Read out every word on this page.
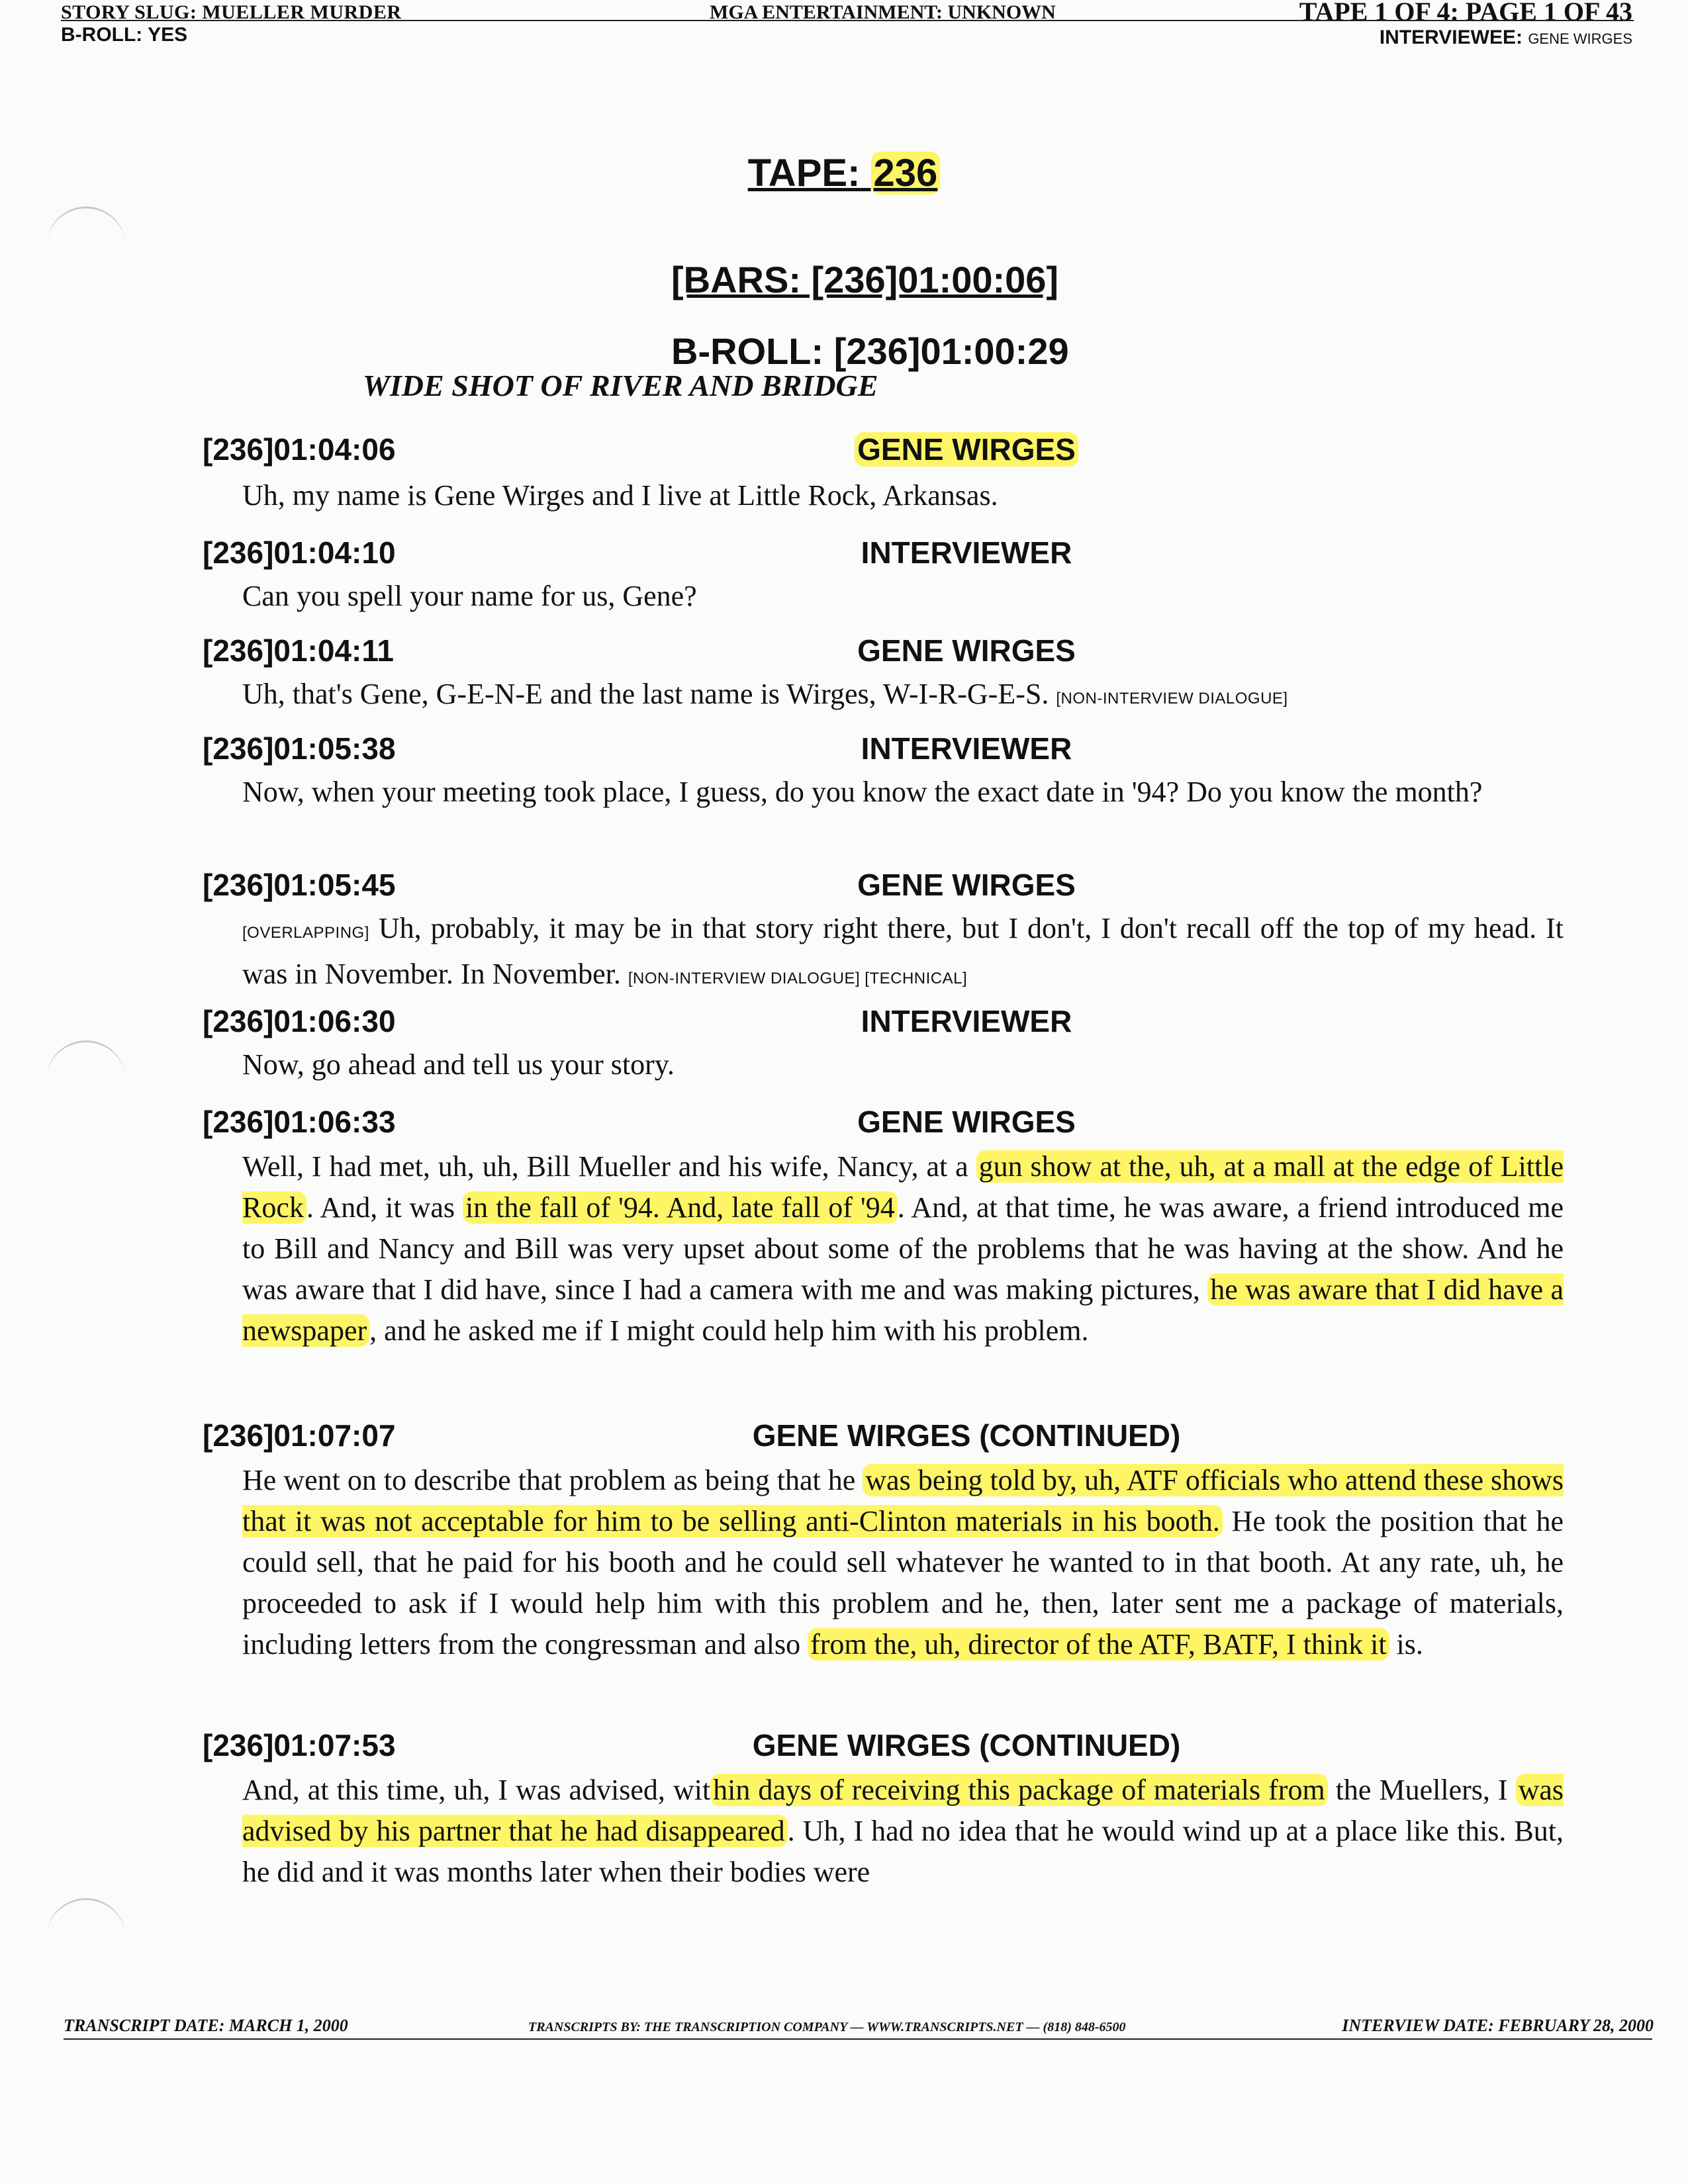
STORY SLUG: MUELLER MURDER	MGA ENTERTAINMENT: UNKNOWN	TAPE 1 OF 4: PAGE 1 OF 43
B-ROLL: YES	INTERVIEWEE: GENE WIRGES
TAPE: 236
[BARS: [236]01:00:06]
B-ROLL: [236]01:00:29
WIDE SHOT OF RIVER AND BRIDGE
[236]01:04:06	GENE WIRGES
Uh, my name is Gene Wirges and I live at Little Rock, Arkansas.
[236]01:04:10	INTERVIEWER
Can you spell your name for us, Gene?
[236]01:04:11	GENE WIRGES
Uh, that's Gene, G-E-N-E and the last name is Wirges, W-I-R-G-E-S. [NON-INTERVIEW DIALOGUE]
[236]01:05:38	INTERVIEWER
Now, when your meeting took place, I guess, do you know the exact date in '94? Do you know the month?
[236]01:05:45	GENE WIRGES
[OVERLAPPING] Uh, probably, it may be in that story right there, but I don't, I don't recall off the top of my head. It was in November. In November. [NON-INTERVIEW DIALOGUE] [TECHNICAL]
[236]01:06:30	INTERVIEWER
Now, go ahead and tell us your story.
[236]01:06:33	GENE WIRGES
Well, I had met, uh, uh, Bill Mueller and his wife, Nancy, at a gun show at the, uh, at a mall at the edge of Little Rock. And, it was in the fall of '94. And, late fall of '94. And, at that time, he was aware, a friend introduced me to Bill and Nancy and Bill was very upset about some of the problems that he was having at the show. And he was aware that I did have, since I had a camera with me and was making pictures, he was aware that I did have a newspaper, and he asked me if I might could help him with his problem.
[236]01:07:07	GENE WIRGES (CONTINUED)
He went on to describe that problem as being that he was being told by, uh, ATF officials who attend these shows that it was not acceptable for him to be selling anti-Clinton materials in his booth. He took the position that he could sell, that he paid for his booth and he could sell whatever he wanted to in that booth. At any rate, uh, he proceeded to ask if I would help him with this problem and he, then, later sent me a package of materials, including letters from the congressman and also from the, uh, director of the ATF, BATF, I think it is.
[236]01:07:53	GENE WIRGES (CONTINUED)
And, at this time, uh, I was advised, within days of receiving this package of materials from the Muellers, I was advised by his partner that he had disappeared. Uh, I had no idea that he would wind up at a place like this. But, he did and it was months later when their bodies were
TRANSCRIPT DATE: MARCH 1, 2000	TRANSCRIPTS BY: THE TRANSCRIPTION COMPANY — WWW.TRANSCRIPTS.NET — (818) 848-6500	INTERVIEW DATE: FEBRUARY 28, 2000
